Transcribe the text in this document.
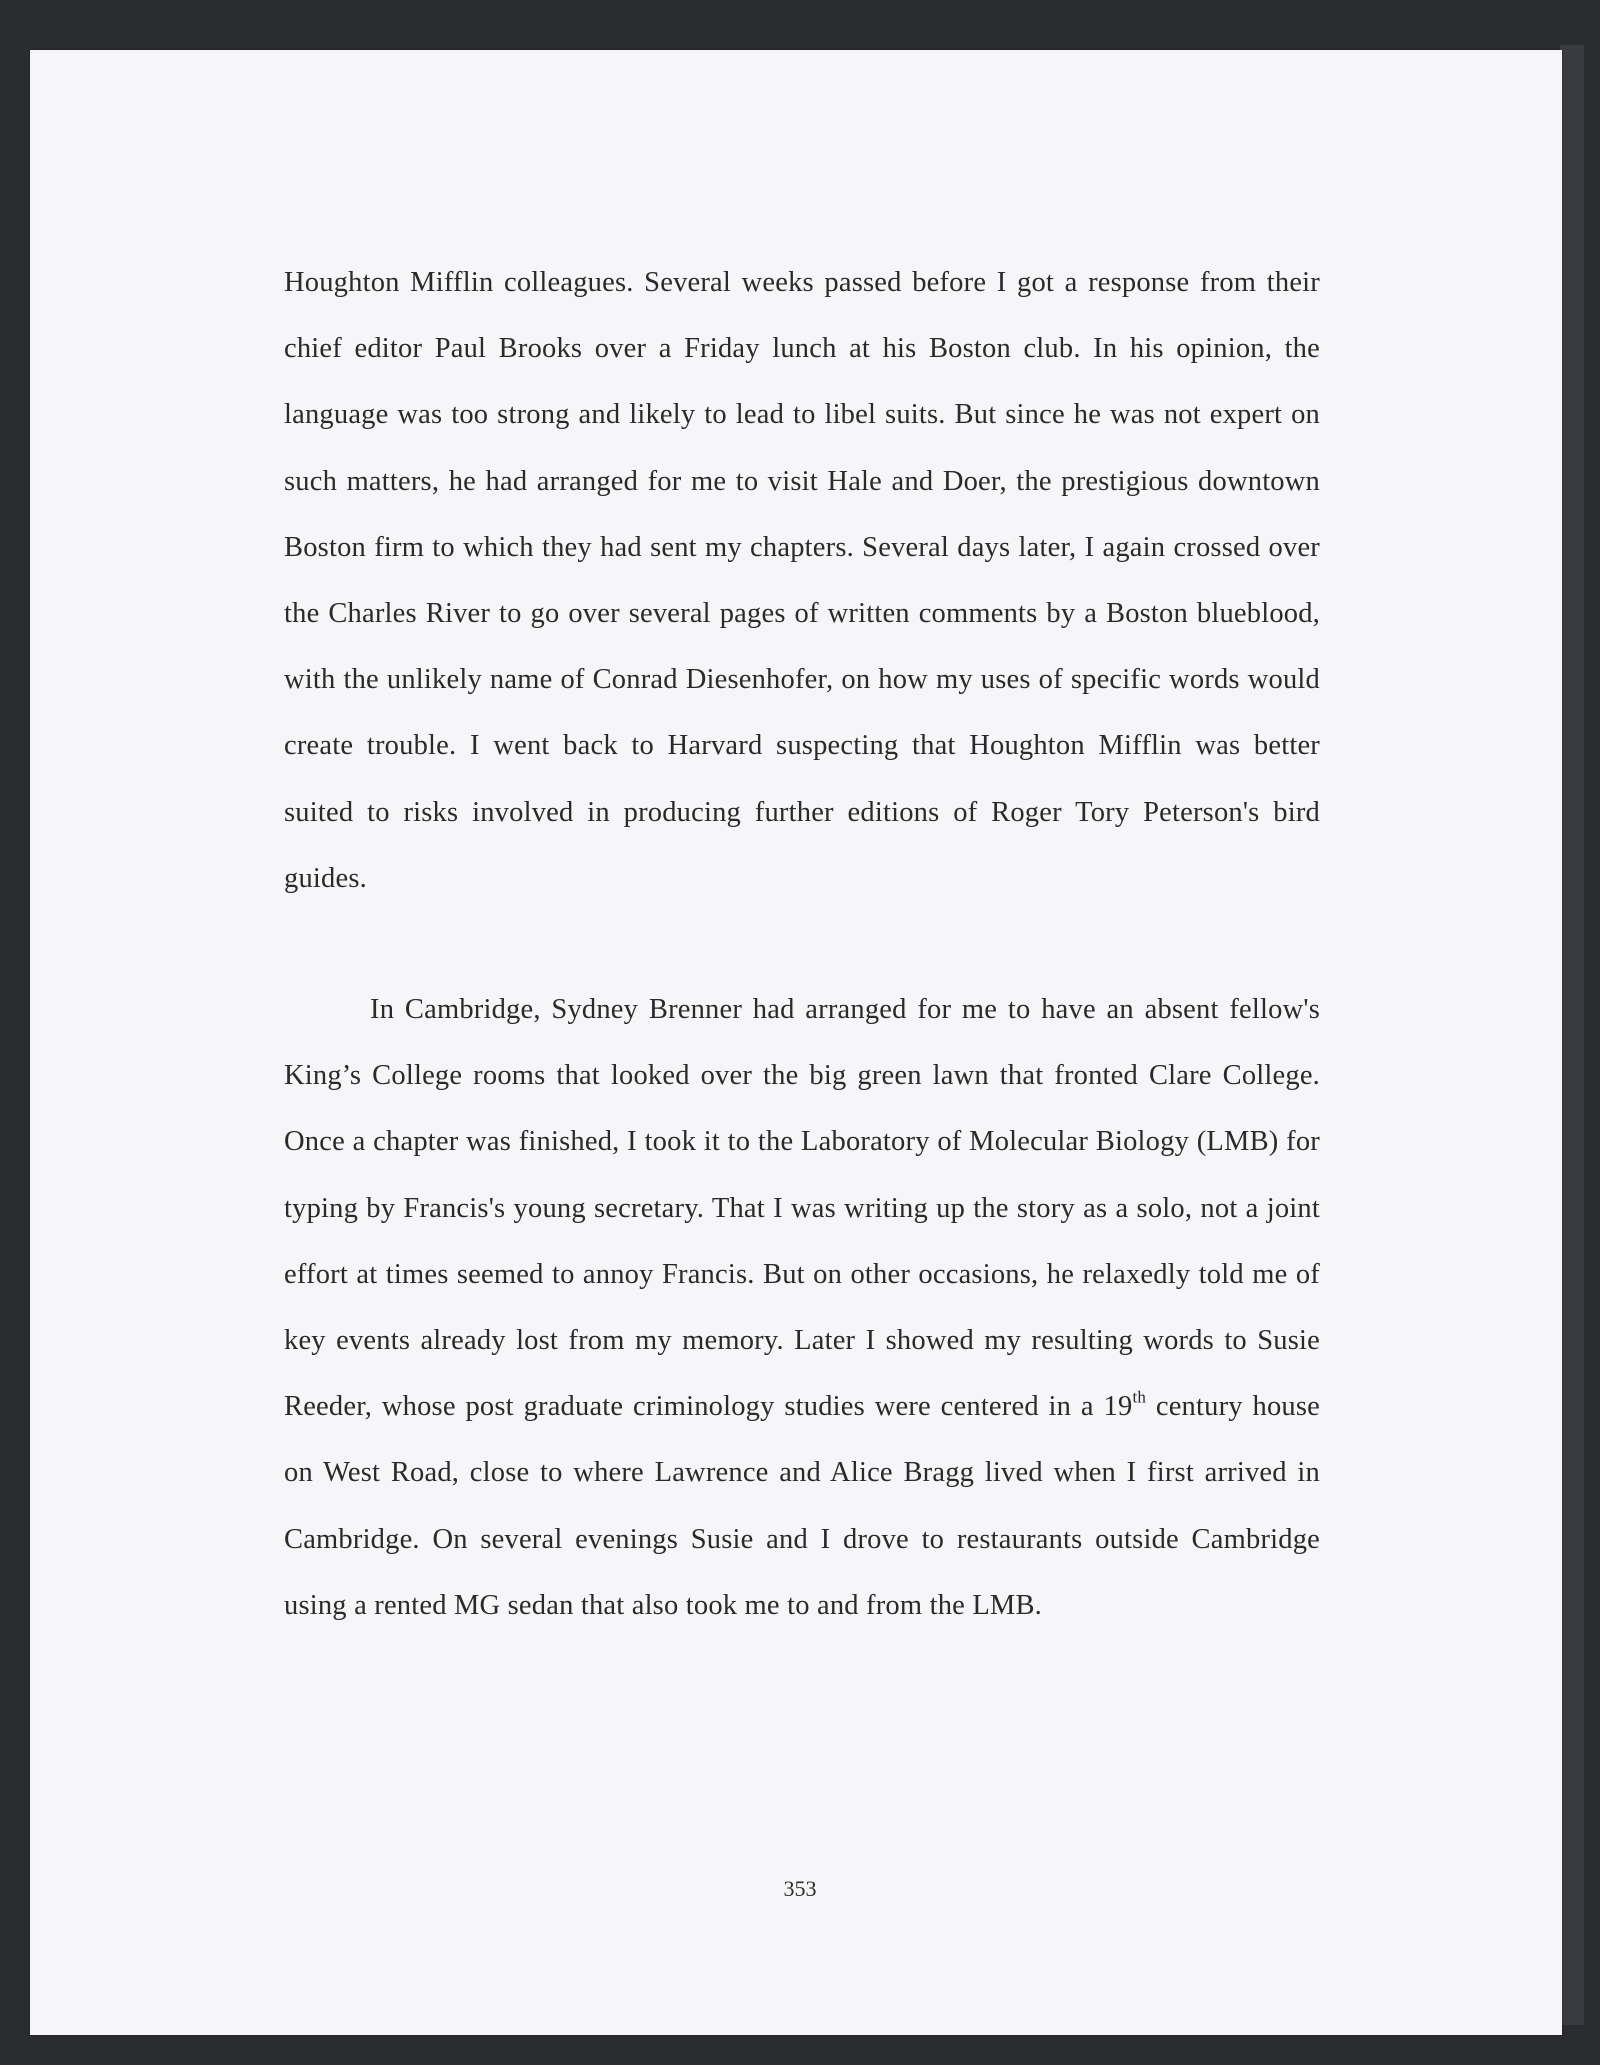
Houghton Mifflin colleagues. Several weeks passed before I got a response from their
chief editor Paul Brooks over a Friday lunch at his Boston club. In his opinion, the
language was too strong and likely to lead to libel suits. But since he was not expert on
such matters, he had arranged for me to visit Hale and Doer, the prestigious downtown
Boston firm to which they had sent my chapters. Several days later, I again crossed over
the Charles River to go over several pages of written comments by a Boston blueblood,
with the unlikely name of Conrad Diesenhofer, on how my uses of specific words would
create trouble. I went back to Harvard suspecting that Houghton Mifflin was better
suited to risks involved in producing further editions of Roger Tory Peterson's bird
guides.

In Cambridge, Sydney Brenner had arranged for me to have an absent fellow's
King’s College rooms that looked over the big green lawn that fronted Clare College.
Once a chapter was finished, I took it to the Laboratory of Molecular Biology (LMB) for
typing by Francis's young secretary. That I was writing up the story as a solo, not a joint
effort at times seemed to annoy Francis. But on other occasions, he relaxedly told me of
key events already lost from my memory. Later I showed my resulting words to Susie
Reeder, whose post graduate criminology studies were centered in a 19th century house
on West Road, close to where Lawrence and Alice Bragg lived when I first arrived in
Cambridge. On several evenings Susie and I drove to restaurants outside Cambridge
using a rented MG sedan that also took me to and from the LMB.

353
